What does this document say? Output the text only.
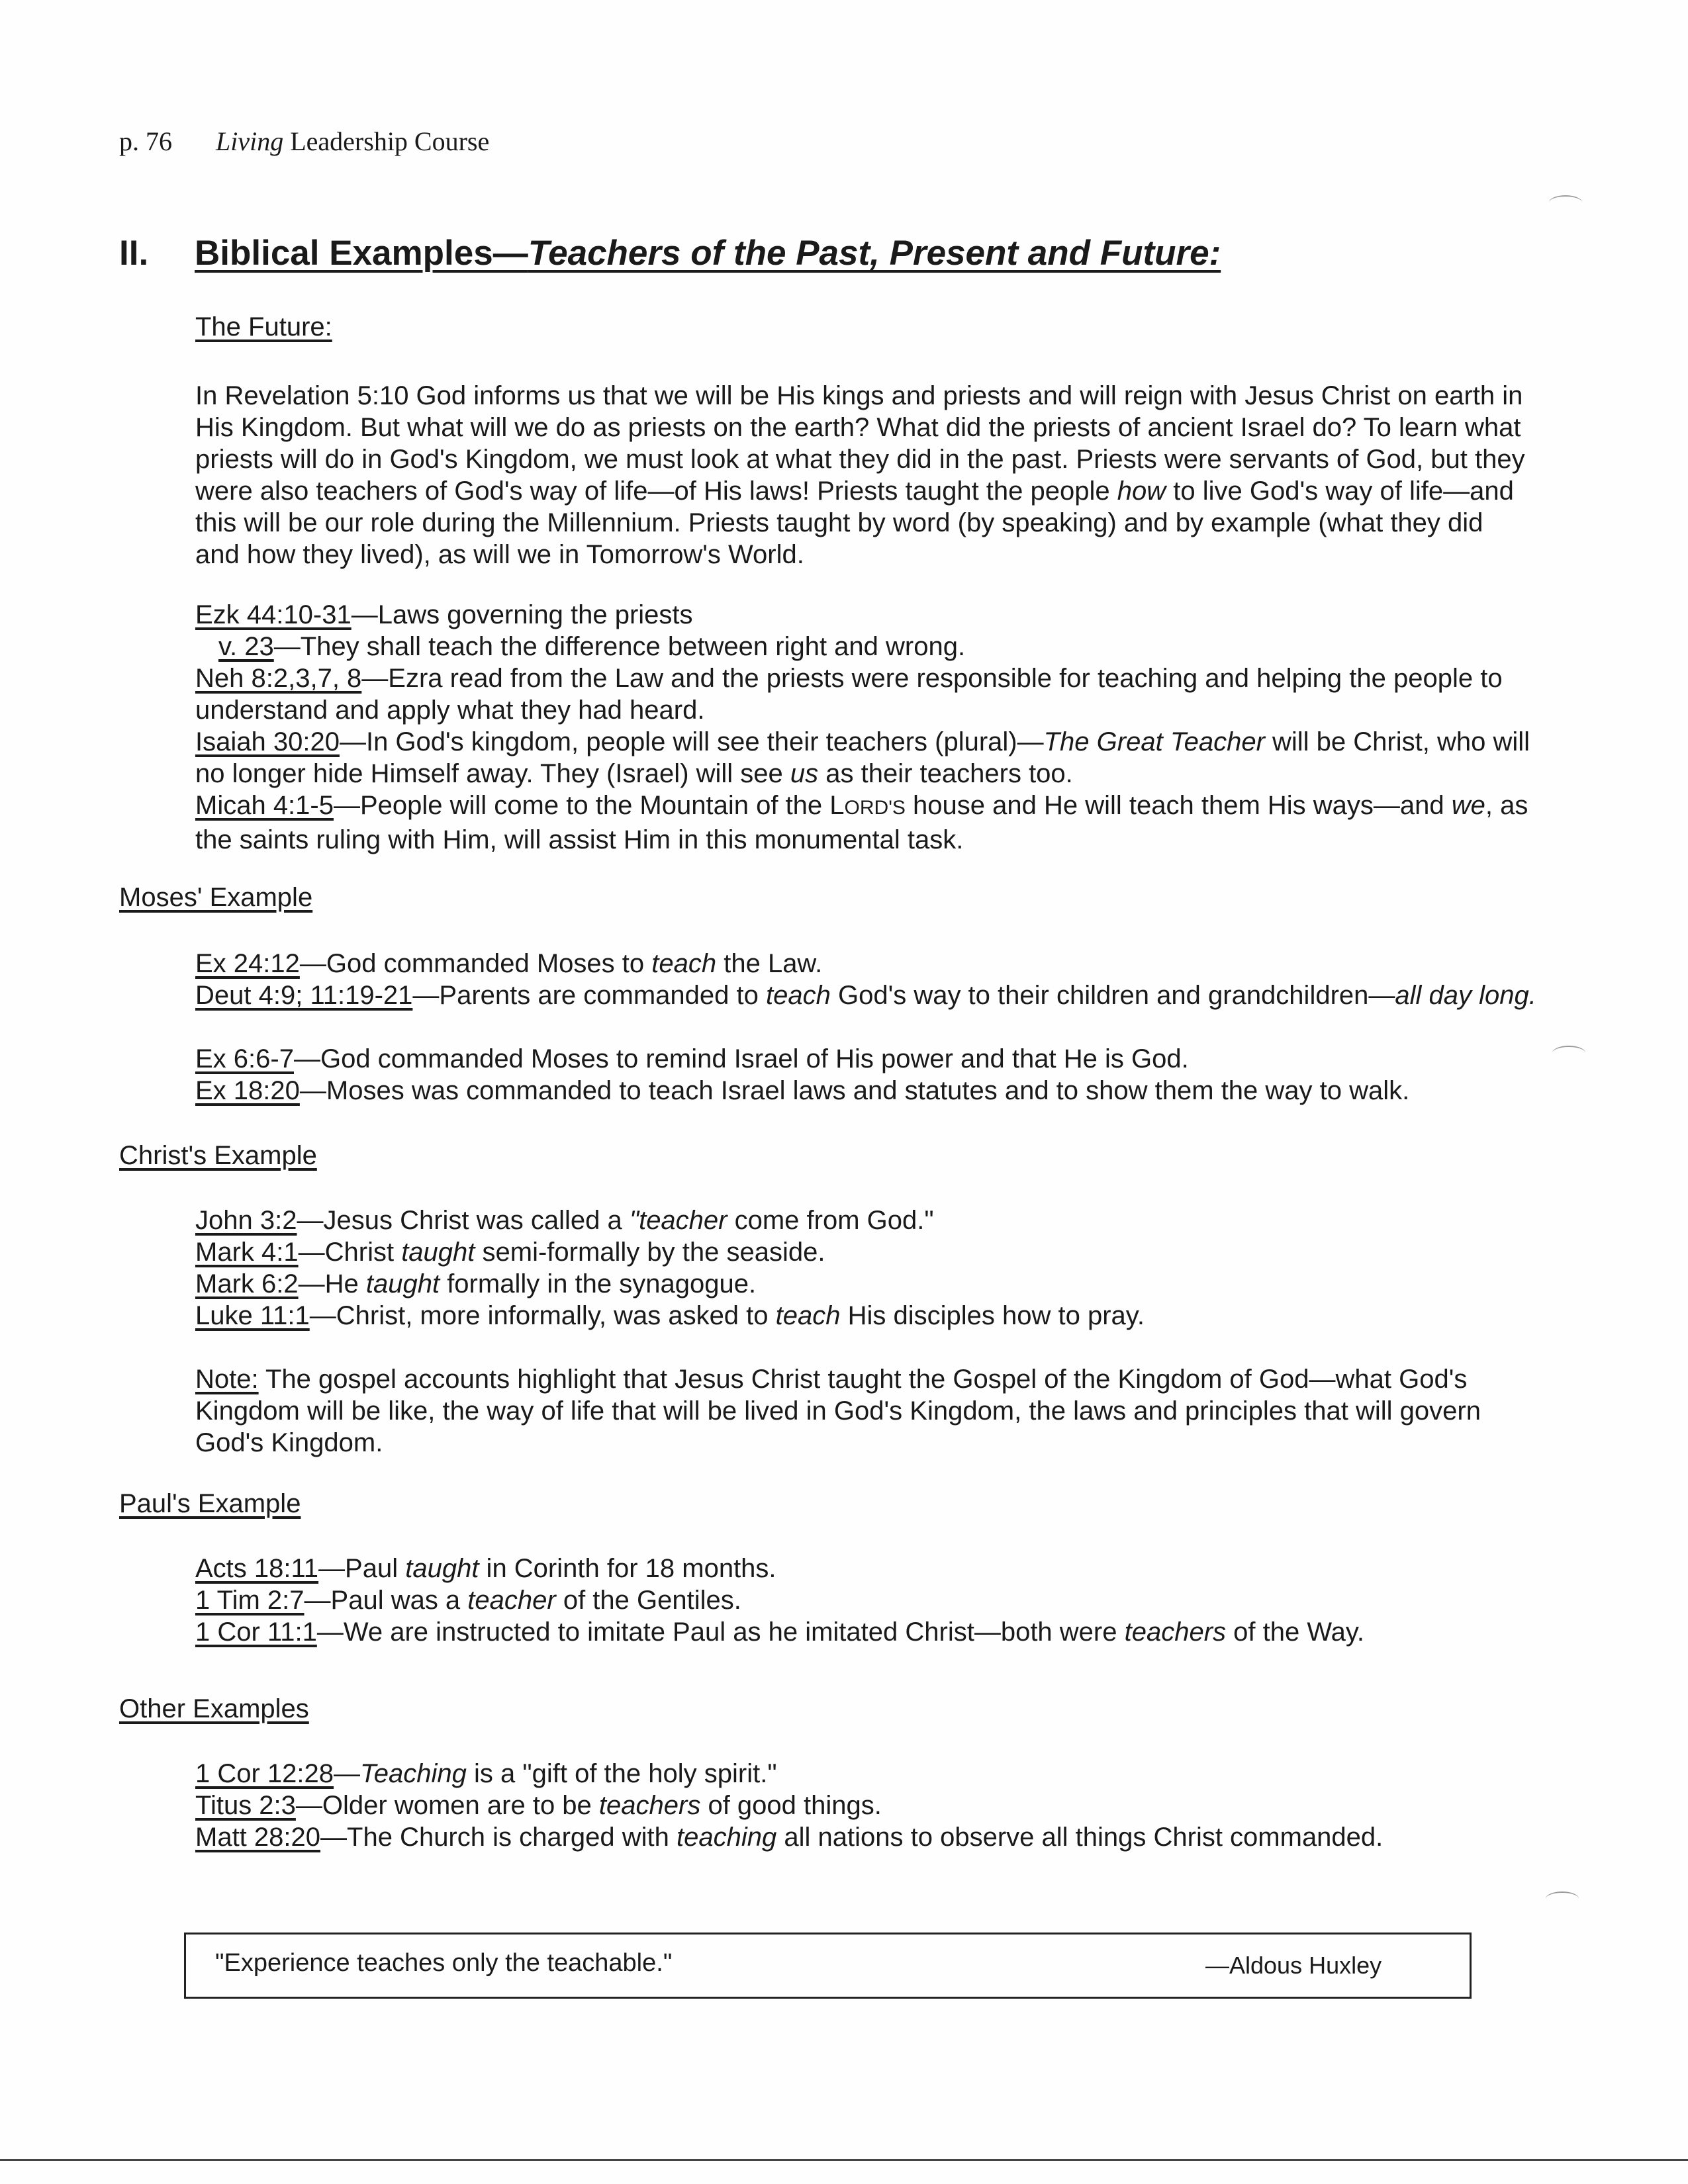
p. 76 Living Leadership Course
II. Biblical Examples—Teachers of the Past, Present and Future:
The Future:
In Revelation 5:10 God informs us that we will be His kings and priests and will reign with Jesus Christ on earth in His Kingdom. But what will we do as priests on the earth? What did the priests of ancient Israel do? To learn what priests will do in God's Kingdom, we must look at what they did in the past. Priests were servants of God, but they were also teachers of God's way of life—of His laws! Priests taught the people how to live God's way of life—and this will be our role during the Millennium. Priests taught by word (by speaking) and by example (what they did and how they lived), as will we in Tomorrow's World.
Ezk 44:10-31—Laws governing the priests
v. 23—They shall teach the difference between right and wrong.
Neh 8:2,3,7, 8—Ezra read from the Law and the priests were responsible for teaching and helping the people to understand and apply what they had heard.
Isaiah 30:20—In God's kingdom, people will see their teachers (plural)—The Great Teacher will be Christ, who will no longer hide Himself away. They (Israel) will see us as their teachers too.
Micah 4:1-5—People will come to the Mountain of the LORD'S house and He will teach them His ways—and we, as the saints ruling with Him, will assist Him in this monumental task.
Moses' Example
Ex 24:12—God commanded Moses to teach the Law.
Deut 4:9; 11:19-21—Parents are commanded to teach God's way to their children and grandchildren—all day long.
Ex 6:6-7—God commanded Moses to remind Israel of His power and that He is God.
Ex 18:20—Moses was commanded to teach Israel laws and statutes and to show them the way to walk.
Christ's Example
John 3:2—Jesus Christ was called a "teacher come from God."
Mark 4:1—Christ taught semi-formally by the seaside.
Mark 6:2—He taught formally in the synagogue.
Luke 11:1—Christ, more informally, was asked to teach His disciples how to pray.
Note: The gospel accounts highlight that Jesus Christ taught the Gospel of the Kingdom of God—what God's Kingdom will be like, the way of life that will be lived in God's Kingdom, the laws and principles that will govern God's Kingdom.
Paul's Example
Acts 18:11—Paul taught in Corinth for 18 months.
1 Tim 2:7—Paul was a teacher of the Gentiles.
1 Cor 11:1—We are instructed to imitate Paul as he imitated Christ—both were teachers of the Way.
Other Examples
1 Cor 12:28—Teaching is a "gift of the holy spirit."
Titus 2:3—Older women are to be teachers of good things.
Matt 28:20—The Church is charged with teaching all nations to observe all things Christ commanded.
"Experience teaches only the teachable."	—Aldous Huxley
